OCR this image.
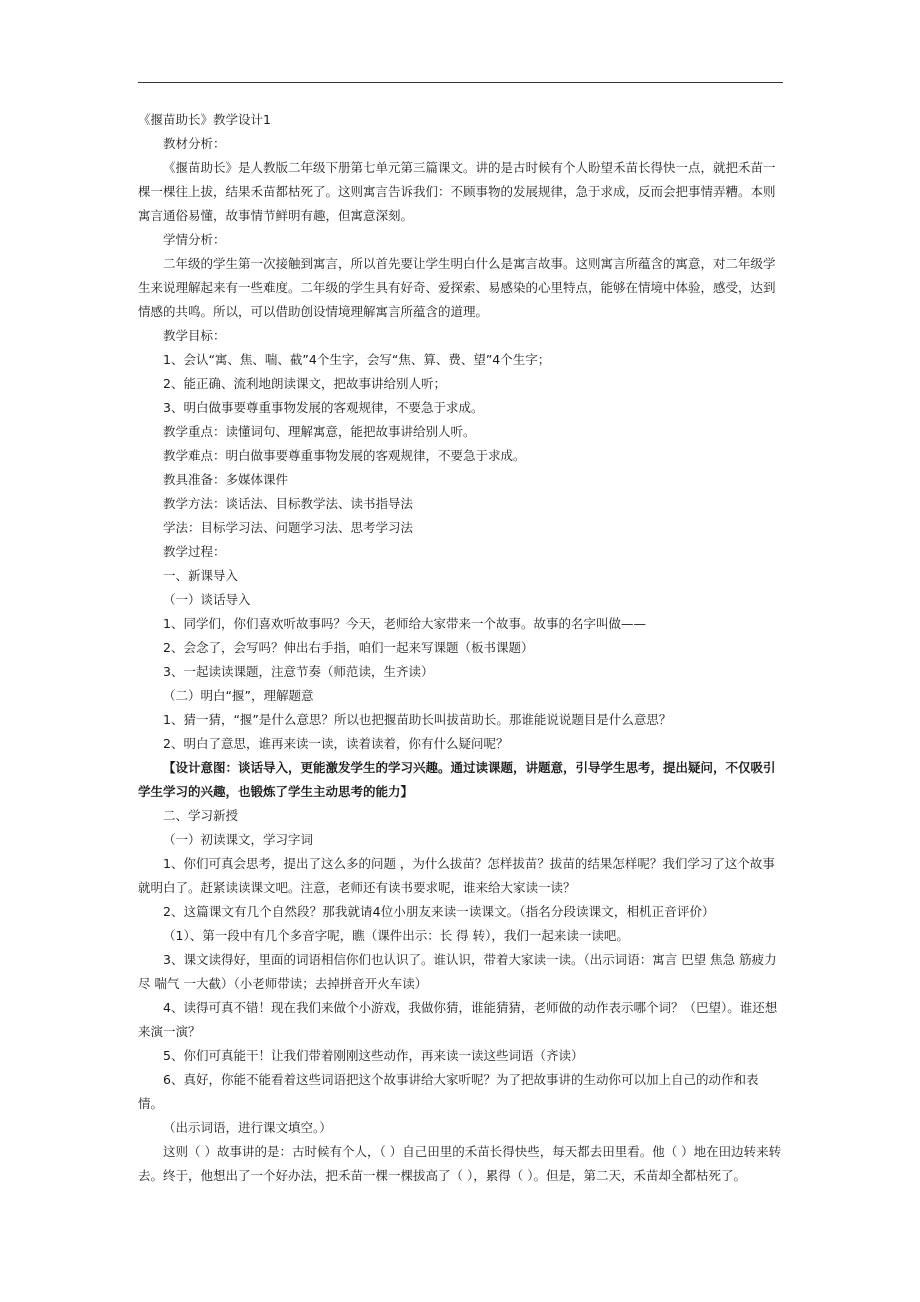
《揠苗助长》教学设计1
教材分析：
《揠苗助长》是人教版二年级下册第七单元第三篇课文。讲的是古时候有个人盼望禾苗长得快一点，就把禾苗一棵一棵往上拔，结果禾苗都枯死了。这则寓言告诉我们：不顾事物的发展规律，急于求成，反而会把事情弄糟。本则寓言通俗易懂，故事情节鲜明有趣，但寓意深刻。
学情分析：
二年级的学生第一次接触到寓言，所以首先要让学生明白什么是寓言故事。这则寓言所蕴含的寓意，对二年级学生来说理解起来有一些难度。二年级的学生具有好奇、爱探索、易感染的心里特点，能够在情境中体验，感受，达到情感的共鸣。所以，可以借助创设情境理解寓言所蕴含的道理。
教学目标：
1、会认“寓、焦、喘、截”4个生字，会写“焦、算、费、望”4个生字；
2、能正确、流利地朗读课文，把故事讲给别人听；
3、明白做事要尊重事物发展的客观规律，不要急于求成。
教学重点：读懂词句、理解寓意，能把故事讲给别人听。
教学难点：明白做事要尊重事物发展的客观规律，不要急于求成。
教具准备：多媒体课件
教学方法：谈话法、目标教学法、读书指导法
学法：目标学习法、问题学习法、思考学习法
教学过程：
一、新课导入
（一）谈话导入
1、同学们，你们喜欢听故事吗？今天，老师给大家带来一个故事。故事的名字叫做——
2、会念了，会写吗？伸出右手指，咱们一起来写课题（板书课题）
3、一起读读课题，注意节奏（师范读，生齐读）
（二）明白“揠”，理解题意
1、猜一猜，“揠”是什么意思？所以也把揠苗助长叫拔苗助长。那谁能说说题目是什么意思？
2、明白了意思，谁再来读一读，读着读着，你有什么疑问呢？
【设计意图：谈话导入，更能激发学生的学习兴趣。通过读课题，讲题意，引导学生思考，提出疑问，不仅吸引学生学习的兴趣，也锻炼了学生主动思考的能力】
二、学习新授
（一）初读课文，学习字词
1、你们可真会思考，提出了这么多的问题 ，为什么拔苗？怎样拔苗？拔苗的结果怎样呢？我们学习了这个故事就明白了。赶紧读读课文吧。注意，老师还有读书要求呢，谁来给大家读一读？
2、这篇课文有几个自然段？那我就请4位小朋友来读一读课文。（指名分段读课文，相机正音评价）
（1）、第一段中有几个多音字呢，瞧（课件出示：长 得 转），我们一起来读一读吧。
3、课文读得好，里面的词语相信你们也认识了。谁认识，带着大家读一读。（出示词语：寓言 巴望 焦急 筋疲力尽 喘气 一大截）（小老师带读；去掉拼音开火车读）
4、读得可真不错！现在我们来做个小游戏，我做你猜，谁能猜猜，老师做的动作表示哪个词？（巴望）。谁还想来演一演？
5、你们可真能干！让我们带着刚刚这些动作，再来读一读这些词语（齐读）
6、真好，你能不能看着这些词语把这个故事讲给大家听呢？为了把故事讲的生动你可以加上自己的动作和表情。
（出示词语，进行课文填空。）
这则（ ）故事讲的是：古时候有个人，（ ）自己田里的禾苗长得快些，每天都去田里看。他（ ）地在田边转来转去。终于，他想出了一个好办法，把禾苗一棵一棵拔高了（ ），累得（ ）。但是，第二天，禾苗却全都枯死了。
